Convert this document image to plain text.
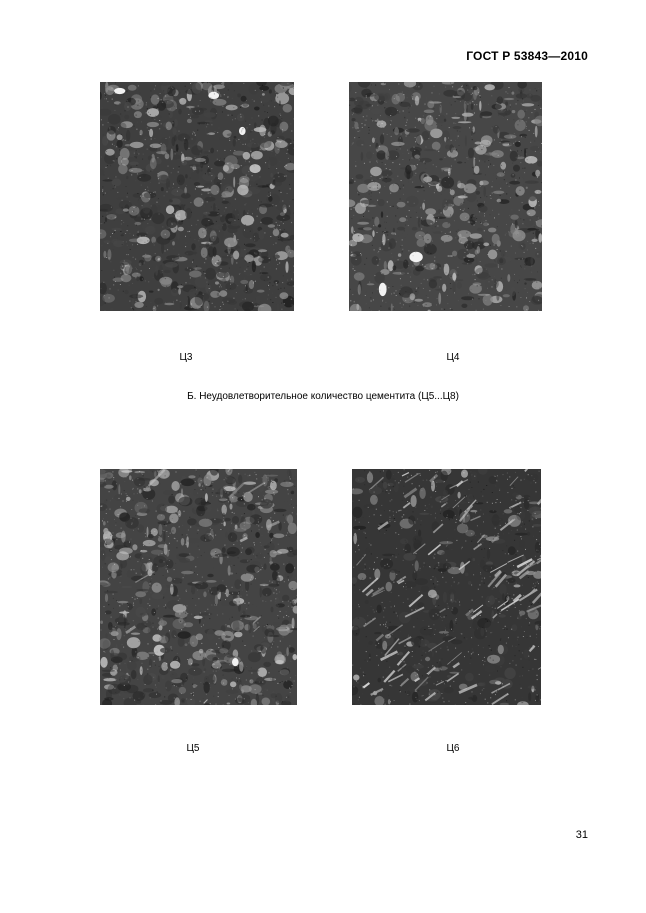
ГОСТ Р 53843—2010
Ц3	Ц4
Б. Неудовлетворительное количество цементита (Ц5...Ц8)
Ц5	Ц6
31
